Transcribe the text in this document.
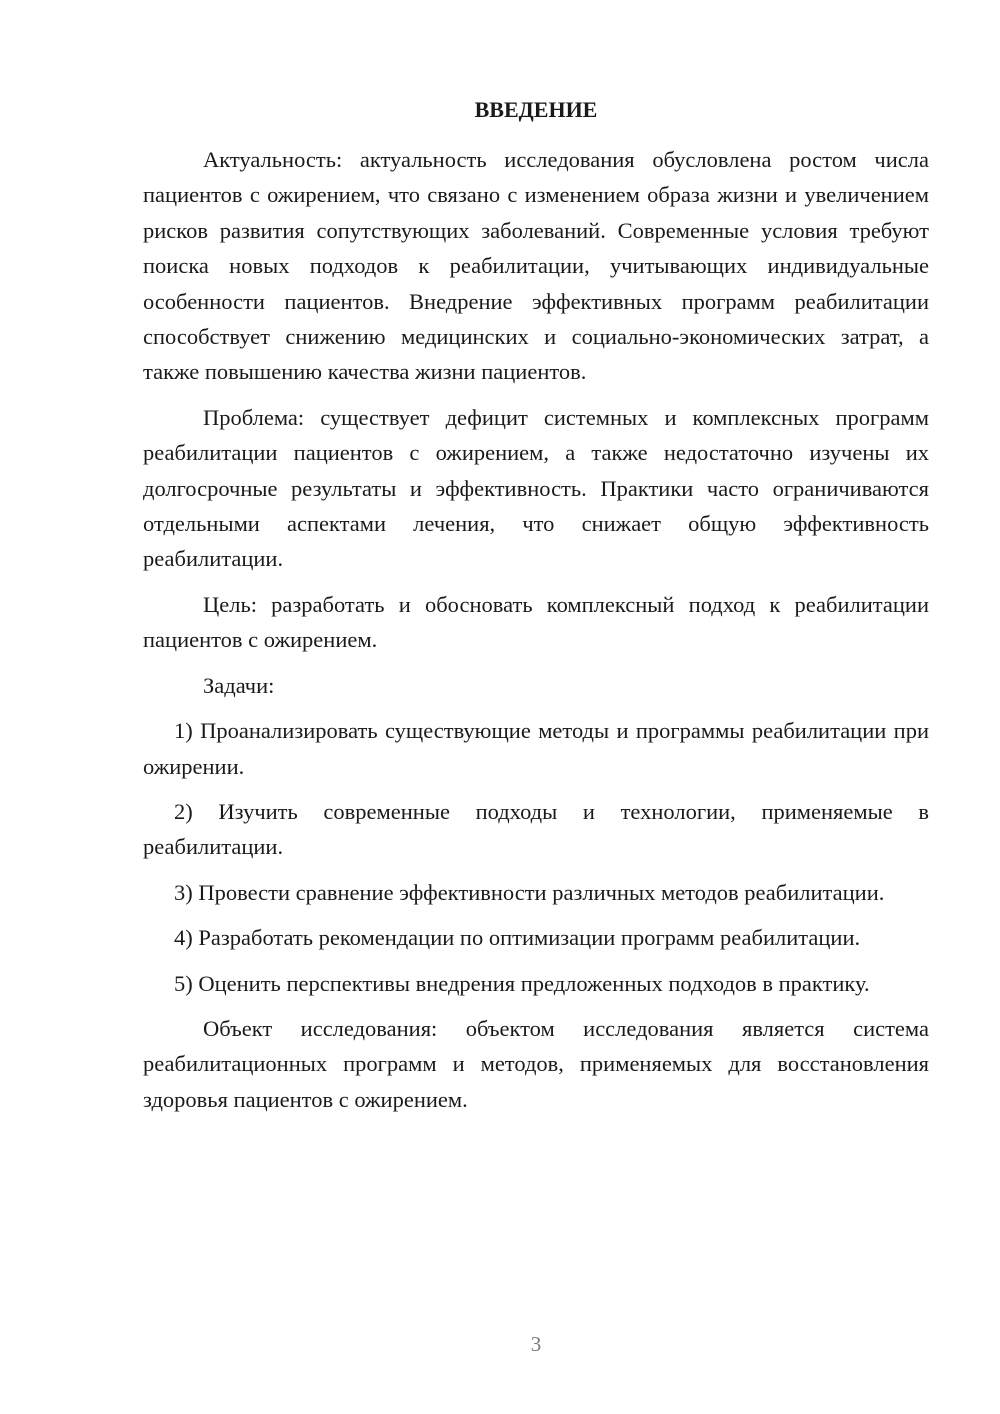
ВВЕДЕНИЕ

Актуальность: актуальность исследования обусловлена ростом числа пациентов с ожирением, что связано с изменением образа жизни и увеличением рисков развития сопутствующих заболеваний. Современные условия требуют поиска новых подходов к реабилитации, учитывающих индивидуальные особенности пациентов. Внедрение эффективных программ реабилитации способствует снижению медицинских и социально-экономических затрат, а также повышению качества жизни пациентов.

Проблема: существует дефицит системных и комплексных программ реабилитации пациентов с ожирением, а также недостаточно изучены их долгосрочные результаты и эффективность. Практики часто ограничиваются отдельными аспектами лечения, что снижает общую эффективность реабилитации.

Цель: разработать и обосновать комплексный подход к реабилитации пациентов с ожирением.

Задачи:

1) Проанализировать существующие методы и программы реабилитации при ожирении.

2) Изучить современные подходы и технологии, применяемые в реабилитации.

3) Провести сравнение эффективности различных методов реабилитации.

4) Разработать рекомендации по оптимизации программ реабилитации.

5) Оценить перспективы внедрения предложенных подходов в практику.

Объект исследования: объектом исследования является система реабилитационных программ и методов, применяемых для восстановления здоровья пациентов с ожирением.

3
